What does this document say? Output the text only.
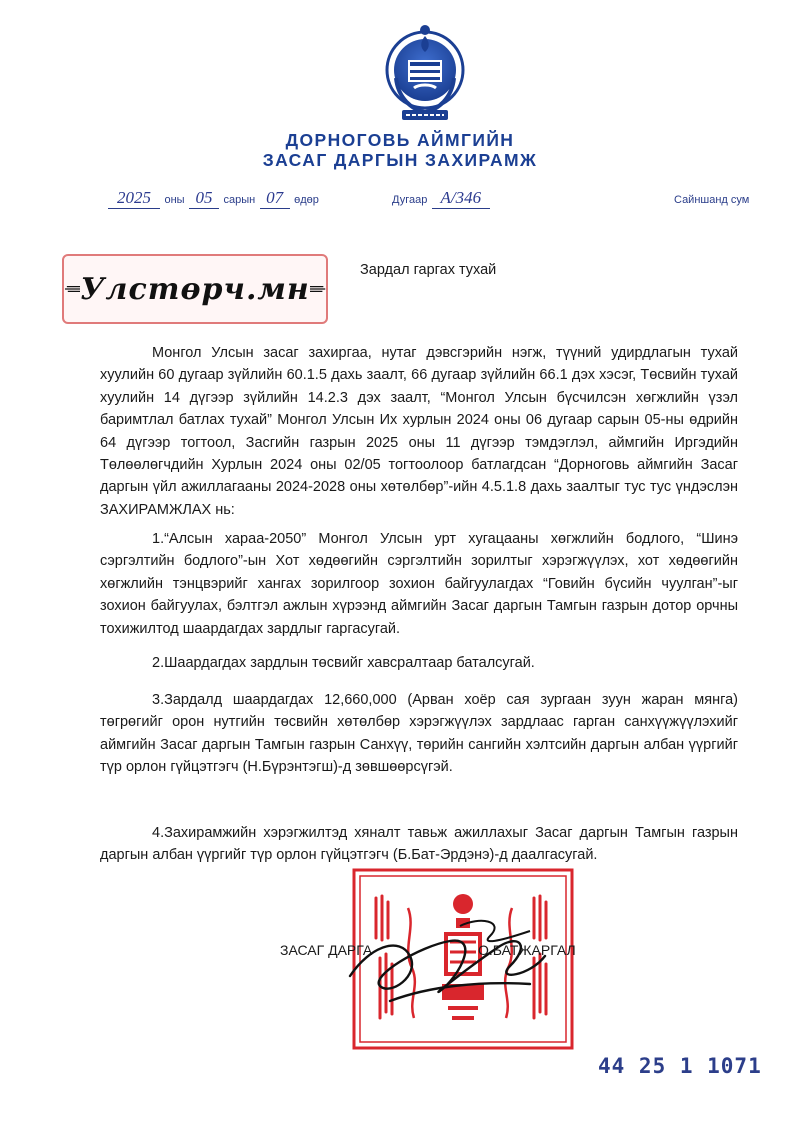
ДОРНОГОВЬ АЙМГИЙН
ЗАСАГ ДАРГЫН ЗАХИРАМЖ
2025 оны 05 сарын 07 өдөр	Дугаар А/346	Сайншанд сум
Улстөрч.мн
Зардал гаргах тухай
Монгол Улсын засаг захиргаа, нутаг дэвсгэрийн нэгж, түүний удирдлагын тухай хуулийн 60 дугаар зүйлийн 60.1.5 дахь заалт, 66 дугаар зүйлийн 66.1 дэх хэсэг, Төсвийн тухай хуулийн 14 дүгээр зүйлийн 14.2.3 дэх заалт, “Монгол Улсын бүсчилсэн хөгжлийн үзэл баримтлал батлах тухай” Монгол Улсын Их хурлын 2024 оны 06 дугаар сарын 05-ны өдрийн 64 дүгээр тогтоол, Засгийн газрын 2025 оны 11 дүгээр тэмдэглэл, аймгийн Иргэдийн Төлөөлөгчдийн Хурлын 2024 оны 02/05 тогтоолоор батлагдсан “Дорноговь аймгийн Засаг даргын үйл ажиллагааны 2024-2028 оны хөтөлбөр”-ийн 4.5.1.8 дахь заалтыг тус тус үндэслэн ЗАХИРАМЖЛАХ нь:
1.“Алсын хараа-2050” Монгол Улсын урт хугацааны хөгжлийн бодлого, “Шинэ сэргэлтийн бодлого”-ын Хот хөдөөгийн сэргэлтийн зорилтыг хэрэгжүүлэх, хот хөдөөгийн хөгжлийн тэнцвэрийг хангах зорилгоор зохион байгуулагдах “Говийн бүсийн чуулган”-ыг зохион байгуулах, бэлтгэл ажлын хүрээнд аймгийн Засаг даргын Тамгын газрын дотор орчны тохижилтод шаардагдах зардлыг гаргасугай.
2.Шаардагдах зардлын төсвийг хавсралтаар баталсугай.
3.Зардалд шаардагдах 12,660,000 (Арван хоёр сая зургаан зуун жаран мянга) төгрөгийг орон нутгийн төсвийн хөтөлбөр хэрэгжүүлэх зардлаас гарган санхүүжүүлэхийг аймгийн Засаг даргын Тамгын газрын Санхүү, төрийн сангийн хэлтсийн даргын албан үүргийг түр орлон гүйцэтгэгч (Н.Бүрэнтэгш)-д зөвшөөрсүгэй.
4.Захирамжийн хэрэгжилтэд хяналт тавьж ажиллахыг Засаг даргын Тамгын газрын даргын албан үүргийг түр орлон гүйцэтгэгч (Б.Бат-Эрдэнэ)-д даалгасугай.
ЗАСАГ ДАРГА	О.БАТЖАРГАЛ
44 25 1 1071
